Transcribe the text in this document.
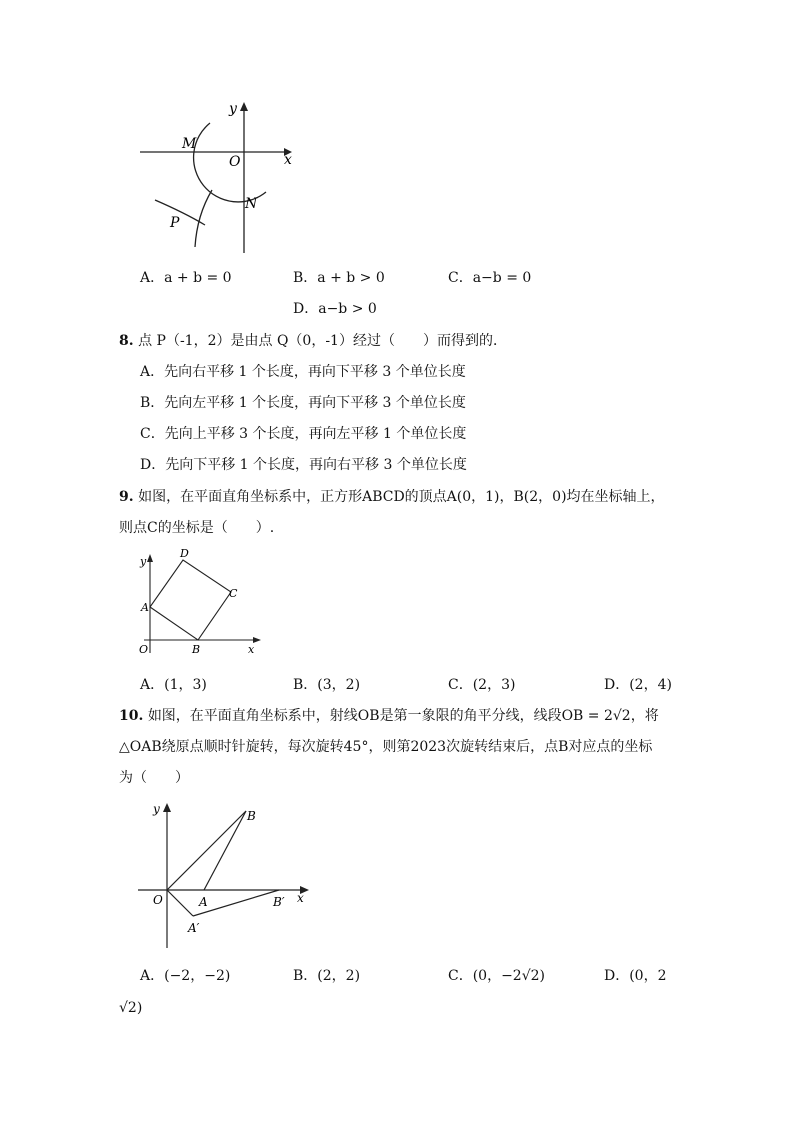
y
x
O
M
N
P
A．a + b = 0	B．a + b > 0	C．a−b = 0
D．a−b > 0
8. 点 P（-1，2）是由点 Q（0，-1）经过（　　）而得到的．
A．先向右平移 1 个长度，再向下平移 3 个单位长度
B．先向左平移 1 个长度，再向下平移 3 个单位长度
C．先向上平移 3 个长度，再向左平移 1 个单位长度
D．先向下平移 1 个长度，再向右平移 3 个单位长度
9. 如图，在平面直角坐标系中，正方形ABCD的顶点A(0，1)，B(2，0)均在坐标轴上，
则点C的坐标是（　　）.
y
x
O
A
B
C
D
A．(1，3)	B．(3，2)	C．(2，3)	D．(2，4)
10. 如图，在平面直角坐标系中，射线OB是第一象限的角平分线，线段OB = 2√2，将
△OAB绕原点顺时针旋转，每次旋转45°，则第2023次旋转结束后，点B对应点的坐标
为（　　）
y
x
O	A
B
A′
B′
A．(−2，−2)	B．(2，2)	C．(0，−2√2)	D．(0，2
√2)
